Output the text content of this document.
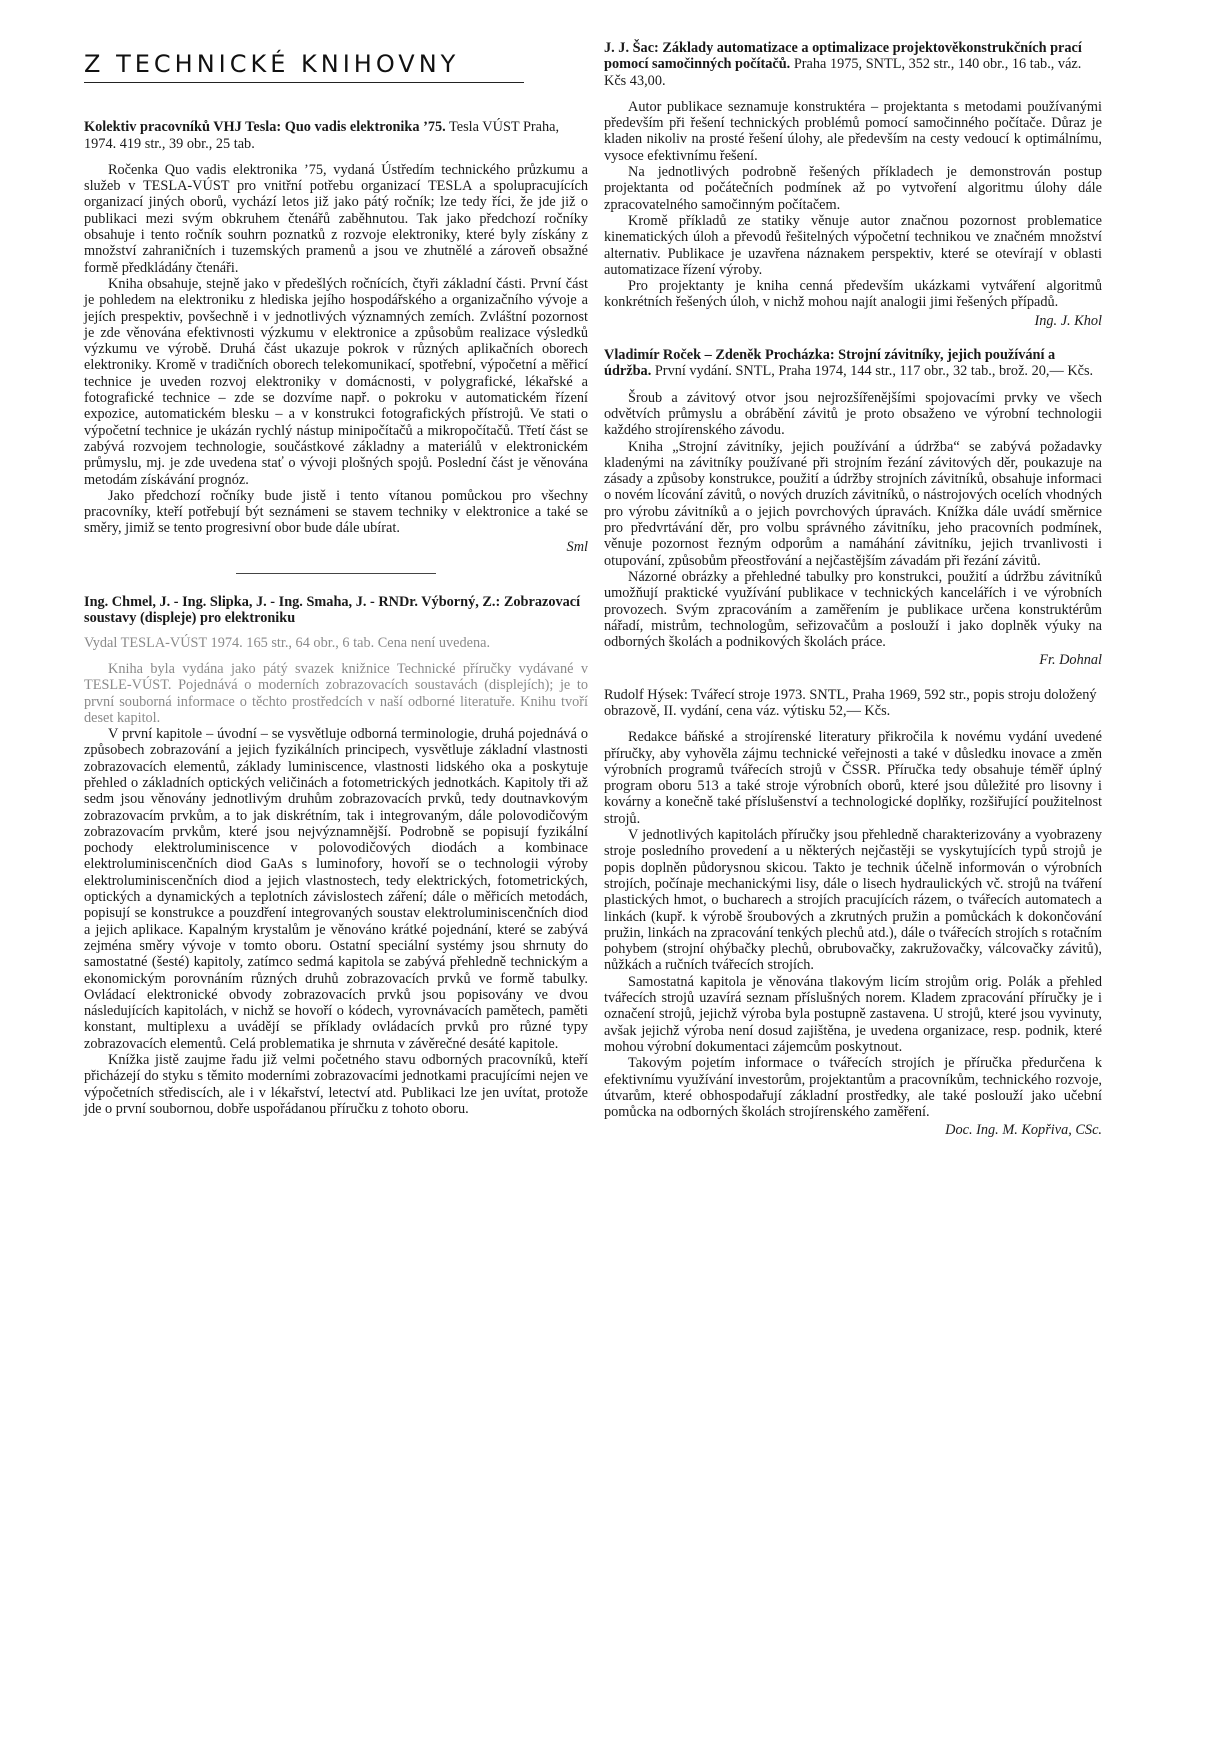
Z TECHNICKÉ KNIHOVNY

Kolektiv pracovníků VHJ Tesla: Quo vadis elektronika ’75. Tesla VÚST Praha, 1974. 419 str., 39 obr., 25 tab.

Ročenka Quo vadis elektronika ’75, vydaná Ústředím technického průzkumu a služeb v TESLA-VÚST pro vnitřní potřebu organizací TESLA a spolupracujících organizací jiných oborů, vychází letos již jako pátý ročník; lze tedy říci, že jde již o publikaci mezi svým obkruhem čtenářů zaběhnutou. Tak jako předchozí ročníky obsahuje i tento ročník souhrn poznatků z rozvoje elektroniky, které byly získány z množství zahraničních i tuzemských pramenů a jsou ve zhutnělé a zároveň obsažné formě předkládány čtenáři.

Kniha obsahuje, stejně jako v předešlých ročnících, čtyři základní části. První část je pohledem na elektroniku z hlediska jejího hospodářského a organizačního vývoje a jejích prespektiv, povšechně i v jednotlivých významných zemích. Zvláštní pozornost je zde věnována efektivnosti výzkumu v elektronice a způsobům realizace výsledků výzkumu ve výrobě. Druhá část ukazuje pokrok v různých aplikačních oborech elektroniky. Kromě v tradičních oborech telekomunikací, spotřební, výpočetní a měřicí technice je uveden rozvoj elektroniky v domácnosti, v polygrafické, lékařské a fotografické technice – zde se dozvíme např. o pokroku v automatickém řízení expozice, automatickém blesku – a v konstrukci fotografických přístrojů. Ve stati o výpočetní technice je ukázán rychlý nástup minipočítačů a mikropočítačů. Třetí část se zabývá rozvojem technologie, součástkové základny a materiálů v elektronickém průmyslu, mj. je zde uvedena stať o vývoji plošných spojů. Poslední část je věnována metodám získávání prognóz.

Jako předchozí ročníky bude jistě i tento vítanou pomůckou pro všechny pracovníky, kteří potřebují být seznámeni se stavem techniky v elektronice a také se směry, jimiž se tento progresivní obor bude dále ubírat.

Sml

Ing. Chmel, J. - Ing. Slipka, J. - Ing. Smaha, J. - RNDr. Výborný, Z.: Zobrazovací soustavy (displeje) pro elektroniku

Vydal TESLA-VÚST 1974. 165 str., 64 obr., 6 tab. Cena není uvedena.

Kniha byla vydána jako pátý svazek knižnice Technické příručky vydávané v TESLE-VÚST. Pojednává o moderních zobrazovacích soustavách (displejích); je to první souborná informace o těchto prostředcích v naší odborné literatuře. Knihu tvoří deset kapitol.

V první kapitole – úvodní – se vysvětluje odborná terminologie, druhá pojednává o způsobech zobrazování a jejich fyzikálních principech, vysvětluje základní vlastnosti zobrazovacích elementů, základy luminiscence, vlastnosti lidského oka a poskytuje přehled o základních optických veličinách a fotometrických jednotkách. Kapitoly tři až sedm jsou věnovány jednotlivým druhům zobrazovacích prvků, tedy doutnavkovým zobrazovacím prvkům, a to jak diskrétním, tak i integrovaným, dále polovodičovým zobrazovacím prvkům, které jsou nejvýznamnější. Podrobně se popisují fyzikální pochody elektroluminiscence v polovodičových diodách a kombinace elektroluminiscenčních diod GaAs s luminofory, hovoří se o technologii výroby elektroluminiscenčních diod a jejich vlastnostech, tedy elektrických, fotometrických, optických a dynamických a teplotních závislostech záření; dále o měřicích metodách, popisují se konstrukce a pouzdření integrovaných soustav elektroluminiscenčních diod a jejich aplikace. Kapalným krystalům je věnováno krátké pojednání, které se zabývá zejména směry vývoje v tomto oboru. Ostatní speciální systémy jsou shrnuty do samostatné (šesté) kapitoly, zatímco sedmá kapitola se zabývá přehledně technickým a ekonomickým porovnáním různých druhů zobrazovacích prvků ve formě tabulky. Ovládací elektronické obvody zobrazovacích prvků jsou popisovány ve dvou následujících kapitolách, v nichž se hovoří o kódech, vyrovnávacích pamětech, paměti konstant, multiplexu a uvádějí se příklady ovládacích prvků pro různé typy zobrazovacích elementů. Celá problematika je shrnuta v závěrečné desáté kapitole.

Knížka jistě zaujme řadu již velmi početného stavu odborných pracovníků, kteří přicházejí do styku s těmito moderními zobrazovacími jednotkami pracujícími nejen ve výpočetních střediscích, ale i v lékařství, letectví atd. Publikaci lze jen uvítat, protože jde o první soubornou, dobře uspořádanou příručku z tohoto oboru.

J. J. Šac: Základy automatizace a optimalizace projektověkonstrukčních prací pomocí samočinných počítačů. Praha 1975, SNTL, 352 str., 140 obr., 16 tab., váz. Kčs 43,00.

Autor publikace seznamuje konstruktéra – projektanta s metodami používanými především při řešení technických problémů pomocí samočinného počítače. Důraz je kladen nikoliv na prosté řešení úlohy, ale především na cesty vedoucí k optimálnímu, vysoce efektivnímu řešení.

Na jednotlivých podrobně řešených příkladech je demonstrován postup projektanta od počátečních podmínek až po vytvoření algoritmu úlohy dále zpracovatelného samočinným počítačem.

Kromě příkladů ze statiky věnuje autor značnou pozornost problematice kinematických úloh a převodů řešitelných výpočetní technikou ve značném množství alternativ. Publikace je uzavřena náznakem perspektiv, které se otevírají v oblasti automatizace řízení výroby.

Pro projektanty je kniha cenná především ukázkami vytváření algoritmů konkrétních řešených úloh, v nichž mohou najít analogii jimi řešených případů.

Ing. J. Khol

Vladimír Roček – Zdeněk Procházka: Strojní závitníky, jejich používání a údržba. První vydání. SNTL, Praha 1974, 144 str., 117 obr., 32 tab., brož. 20,— Kčs.

Šroub a závitový otvor jsou nejrozšířenějšími spojovacími prvky ve všech odvětvích průmyslu a obrábění závitů je proto obsaženo ve výrobní technologii každého strojírenského závodu.

Kniha „Strojní závitníky, jejich používání a údržba“ se zabývá požadavky kladenými na závitníky používané při strojním řezání závitových děr, poukazuje na zásady a způsoby konstrukce, použití a údržby strojních závitníků, obsahuje informaci o novém lícování závitů, o nových druzích závitníků, o nástrojových ocelích vhodných pro výrobu závitníků a o jejich povrchových úpravách. Knížka dále uvádí směrnice pro předvrtávání děr, pro volbu správného závitníku, jeho pracovních podmínek, věnuje pozornost řezným odporům a namáhání závitníku, jejich trvanlivosti i otupování, způsobům přeostřování a nejčastějším závadám při řezání závitů.

Názorné obrázky a přehledné tabulky pro konstrukci, použití a údržbu závitníků umožňují praktické využívání publikace v technických kancelářích i ve výrobních provozech. Svým zpracováním a zaměřením je publikace určena konstruktérům nářadí, mistrům, technologům, seřizovačům a poslouží i jako doplněk výuky na odborných školách a podnikových školách práce.

Fr. Dohnal

Rudolf Hýsek: Tvářecí stroje 1973. SNTL, Praha 1969, 592 str., popis stroju doložený obrazově, II. vydání, cena váz. výtisku 52,— Kčs.

Redakce báňské a strojírenské literatury přikročila k novému vydání uvedené příručky, aby vyhověla zájmu technické veřejnosti a také v důsledku inovace a změn výrobních programů tvářecích strojů v ČSSR. Příručka tedy obsahuje téměř úplný program oboru 513 a také stroje výrobních oborů, které jsou důležité pro lisovny i kovárny a konečně také příslušenství a technologické doplňky, rozšiřující použitelnost strojů.

V jednotlivých kapitolách příručky jsou přehledně charakterizovány a vyobrazeny stroje posledního provedení a u některých nejčastěji se vyskytujících typů strojů je popis doplněn půdorysnou skicou. Takto je technik účelně informován o výrobních strojích, počínaje mechanickými lisy, dále o lisech hydraulických vč. strojů na tváření plastických hmot, o bucharech a strojích pracujících rázem, o tvářecích automatech a linkách (kupř. k výrobě šroubových a zkrutných pružin a pomůckách k dokončování pružin, linkách na zpracování tenkých plechů atd.), dále o tvářecích strojích s rotačním pohybem (strojní ohýbačky plechů, obrubovačky, zakružovačky, válcovačky závitů), nůžkách a ručních tvářecích strojích.

Samostatná kapitola je věnována tlakovým licím strojům orig. Polák a přehled tvářecích strojů uzavírá seznam příslušných norem. Kladem zpracování příručky je i označení strojů, jejichž výroba byla postupně zastavena. U strojů, které jsou vyvinuty, avšak jejichž výroba není dosud zajištěna, je uvedena organizace, resp. podnik, které mohou výrobní dokumentaci zájemcům poskytnout.

Takovým pojetím informace o tvářecích strojích je příručka předurčena k efektivnímu využívání investorům, projektantům a pracovníkům, technického rozvoje, útvarům, které obhospodařují základní prostředky, ale také poslouží jako učební pomůcka na odborných školách strojírenského zaměření.

Doc. Ing. M. Kopřiva, CSc.
